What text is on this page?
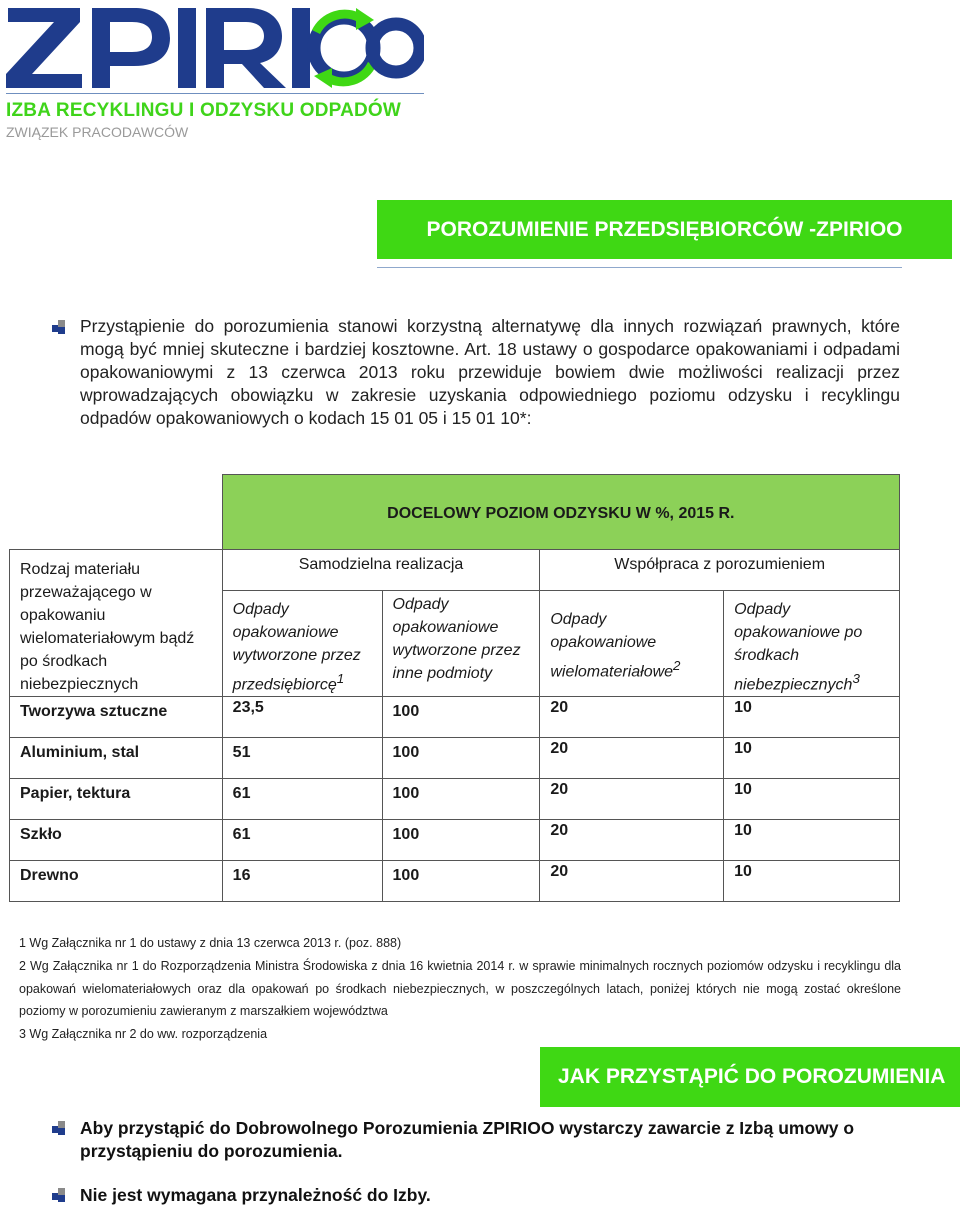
IZBA RECYKLINGU I ODZYSKU ODPADÓW
ZWIĄZEK PRACODAWCÓW
POROZUMIENIE PRZEDSIĘBIORCÓW -ZPIRIOO
Przystąpienie do porozumienia stanowi korzystną alternatywę dla innych rozwiązań prawnych, które mogą być mniej skuteczne i bardziej kosztowne. Art. 18 ustawy o gospodarce opakowaniami i odpadami opakowaniowymi z 13 czerwca 2013 roku przewiduje bowiem dwie możliwości realizacji przez wprowadzających obowiązku w zakresie uzyskania odpowiedniego poziomu odzysku i recyklingu odpadów opakowaniowych o kodach 15 01 05 i 15 01 10*:
	DOCELOWY POZIOM ODZYSKU W %, 2015 R.			
Rodzaj materiału przeważającego w opakowaniu wielomateriałowym bądź po środkach niebezpiecznych	Samodzielna realizacja		Współpraca z porozumieniem	
	Odpady opakowaniowe wytworzone przez przedsiębiorcę$^1$	Odpady opakowaniowe wytworzone przez inne podmioty	Odpady opakowaniowe wielomateriałowe$^2$	Odpady opakowaniowe po środkach niebezpiecznych$^3$
Tworzywa sztuczne	23,5	100	20	10
Aluminium, stal	51	100	20	10
Papier, tektura	61	100	20	10
Szkło	61	100	20	10
Drewno	16	100	20	10
1 Wg Załącznika nr 1 do ustawy z dnia 13 czerwca 2013 r. (poz. 888)
2 Wg Załącznika nr 1 do Rozporządzenia Ministra Środowiska z dnia 16 kwietnia 2014 r. w sprawie minimalnych rocznych poziomów odzysku i recyklingu dla opakowań wielomateriałowych oraz dla opakowań po środkach niebezpiecznych, w poszczególnych latach, poniżej których nie mogą zostać określone poziomy w porozumieniu zawieranym z marszałkiem województwa
3 Wg Załącznika nr 2 do ww. rozporządzenia
JAK PRZYSTĄPIĆ DO POROZUMIENIA
Aby przystąpić do Dobrowolnego Porozumienia ZPIRIOO wystarczy zawarcie z Izbą umowy o przystąpieniu do porozumienia.
Nie jest wymagana przynależność do Izby.
